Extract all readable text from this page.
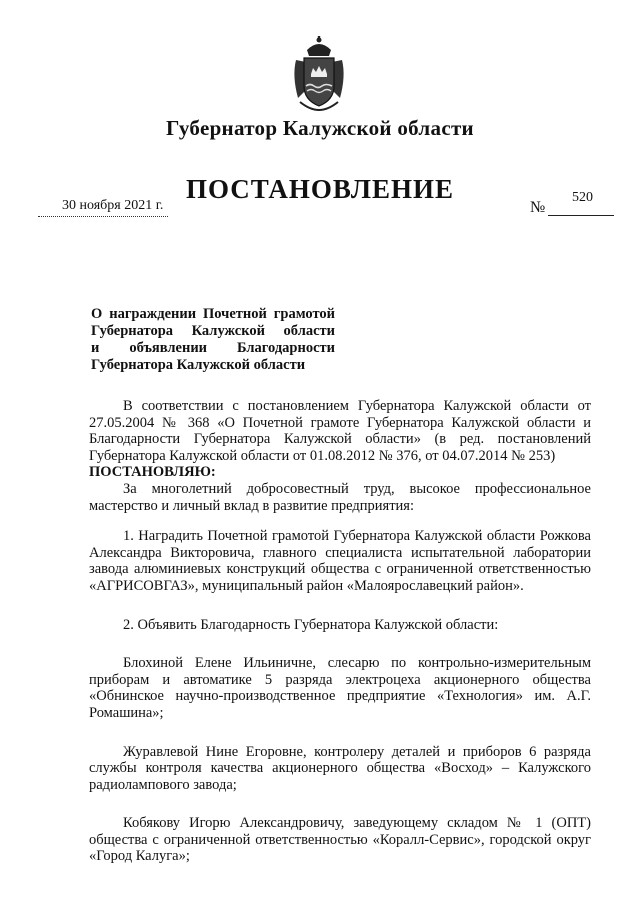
Губернатор Калужской области
ПОСТАНОВЛЕНИЕ
30 ноября 2021 г.	№
520
О награждении Почетной грамотой
Губернатора Калужской области
и объявлении Благодарности
Губернатора Калужской области

В соответствии с постановлением Губернатора Калужской области от 27.05.2004 № 368 «О Почетной грамоте Губернатора Калужской области и Благодарности Губернатора Калужской области» (в ред. постановлений Губернатора Калужской области от 01.08.2012 № 376, от 04.07.2014 № 253)

ПОСТАНОВЛЯЮ:

За многолетний добросовестный труд, высокое профессиональное мастерство и личный вклад в развитие предприятия:

1. Наградить Почетной грамотой Губернатора Калужской области Рожкова Александра Викторовича, главного специалиста испытательной лаборатории завода алюминиевых конструкций общества с ограниченной ответственностью «АГРИСОВГАЗ», муниципальный район «Малоярославецкий район».

2. Объявить Благодарность Губернатора Калужской области:

Блохиной Елене Ильиничне, слесарю по контрольно-измерительным приборам и автоматике 5 разряда электроцеха акционерного общества «Обнинское научно-производственное предприятие «Технология» им. А.Г. Ромашина»;

Журавлевой Нине Егоровне, контролеру деталей и приборов 6 разряда службы контроля качества акционерного общества «Восход» – Калужского радиолампового завода;

Кобякову Игорю Александровичу, заведующему складом № 1 (ОПТ) общества с ограниченной ответственностью «Коралл-Сервис», городской округ «Город Калуга»;
